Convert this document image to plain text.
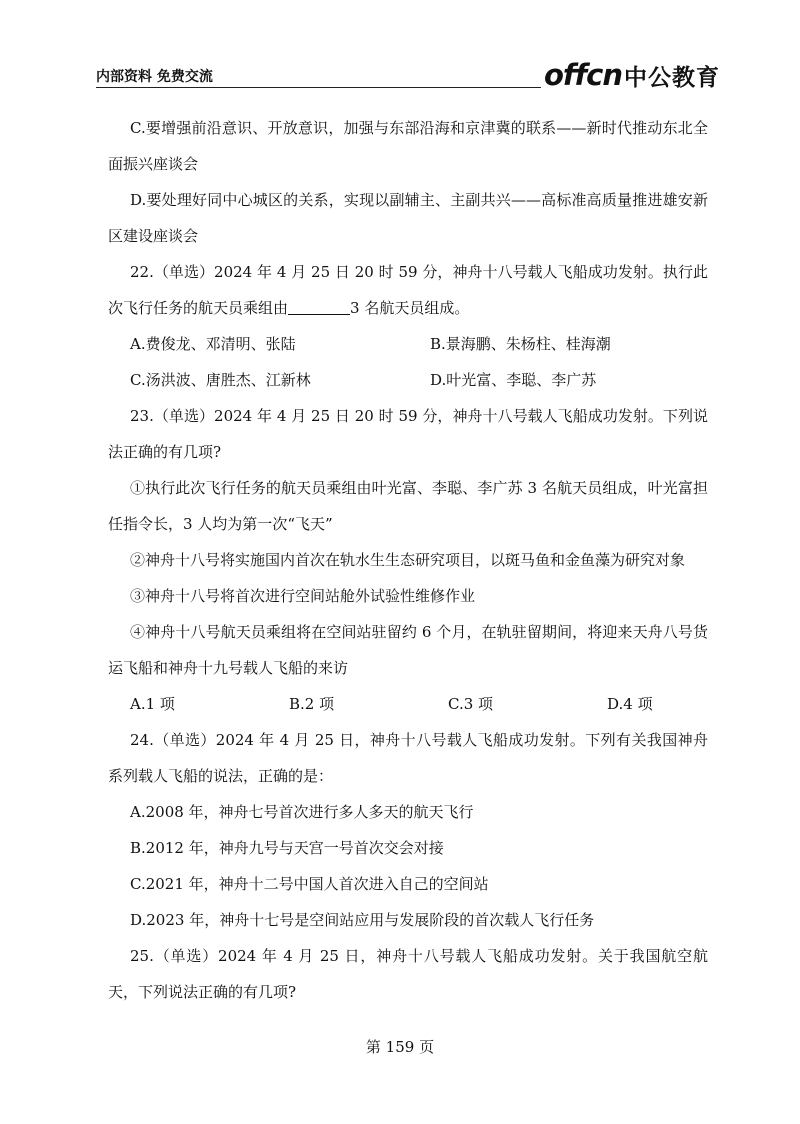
内部资料 免费交流	offcn中公教育

C.要增强前沿意识、开放意识，加强与东部沿海和京津冀的联系——新时代推动东北全面振兴座谈会

D.要处理好同中心城区的关系，实现以副辅主、主副共兴——高标准高质量推进雄安新区建设座谈会

22.（单选）2024 年 4 月 25 日 20 时 59 分，神舟十八号载人飞船成功发射。执行此次飞行任务的航天员乘组由	3 名航天员组成。

A.费俊龙、邓清明、张陆	B.景海鹏、朱杨柱、桂海潮
C.汤洪波、唐胜杰、江新林	D.叶光富、李聪、李广苏

23.（单选）2024 年 4 月 25 日 20 时 59 分，神舟十八号载人飞船成功发射。下列说法正确的有几项?

①执行此次飞行任务的航天员乘组由叶光富、李聪、李广苏 3 名航天员组成，叶光富担任指令长，3 人均为第一次“飞天”

②神舟十八号将实施国内首次在轨水生生态研究项目，以斑马鱼和金鱼藻为研究对象

③神舟十八号将首次进行空间站舱外试验性维修作业

④神舟十八号航天员乘组将在空间站驻留约 6 个月，在轨驻留期间，将迎来天舟八号货运飞船和神舟十九号载人飞船的来访

A.1 项	B.2 项	C.3 项	D.4 项

24.（单选）2024 年 4 月 25 日，神舟十八号载人飞船成功发射。下列有关我国神舟系列载人飞船的说法，正确的是：

A.2008 年，神舟七号首次进行多人多天的航天飞行

B.2012 年，神舟九号与天宫一号首次交会对接

C.2021 年，神舟十二号中国人首次进入自己的空间站

D.2023 年，神舟十七号是空间站应用与发展阶段的首次载人飞行任务

25.（单选）2024 年 4 月 25 日，神舟十八号载人飞船成功发射。关于我国航空航天，下列说法正确的有几项?

第 159 页
